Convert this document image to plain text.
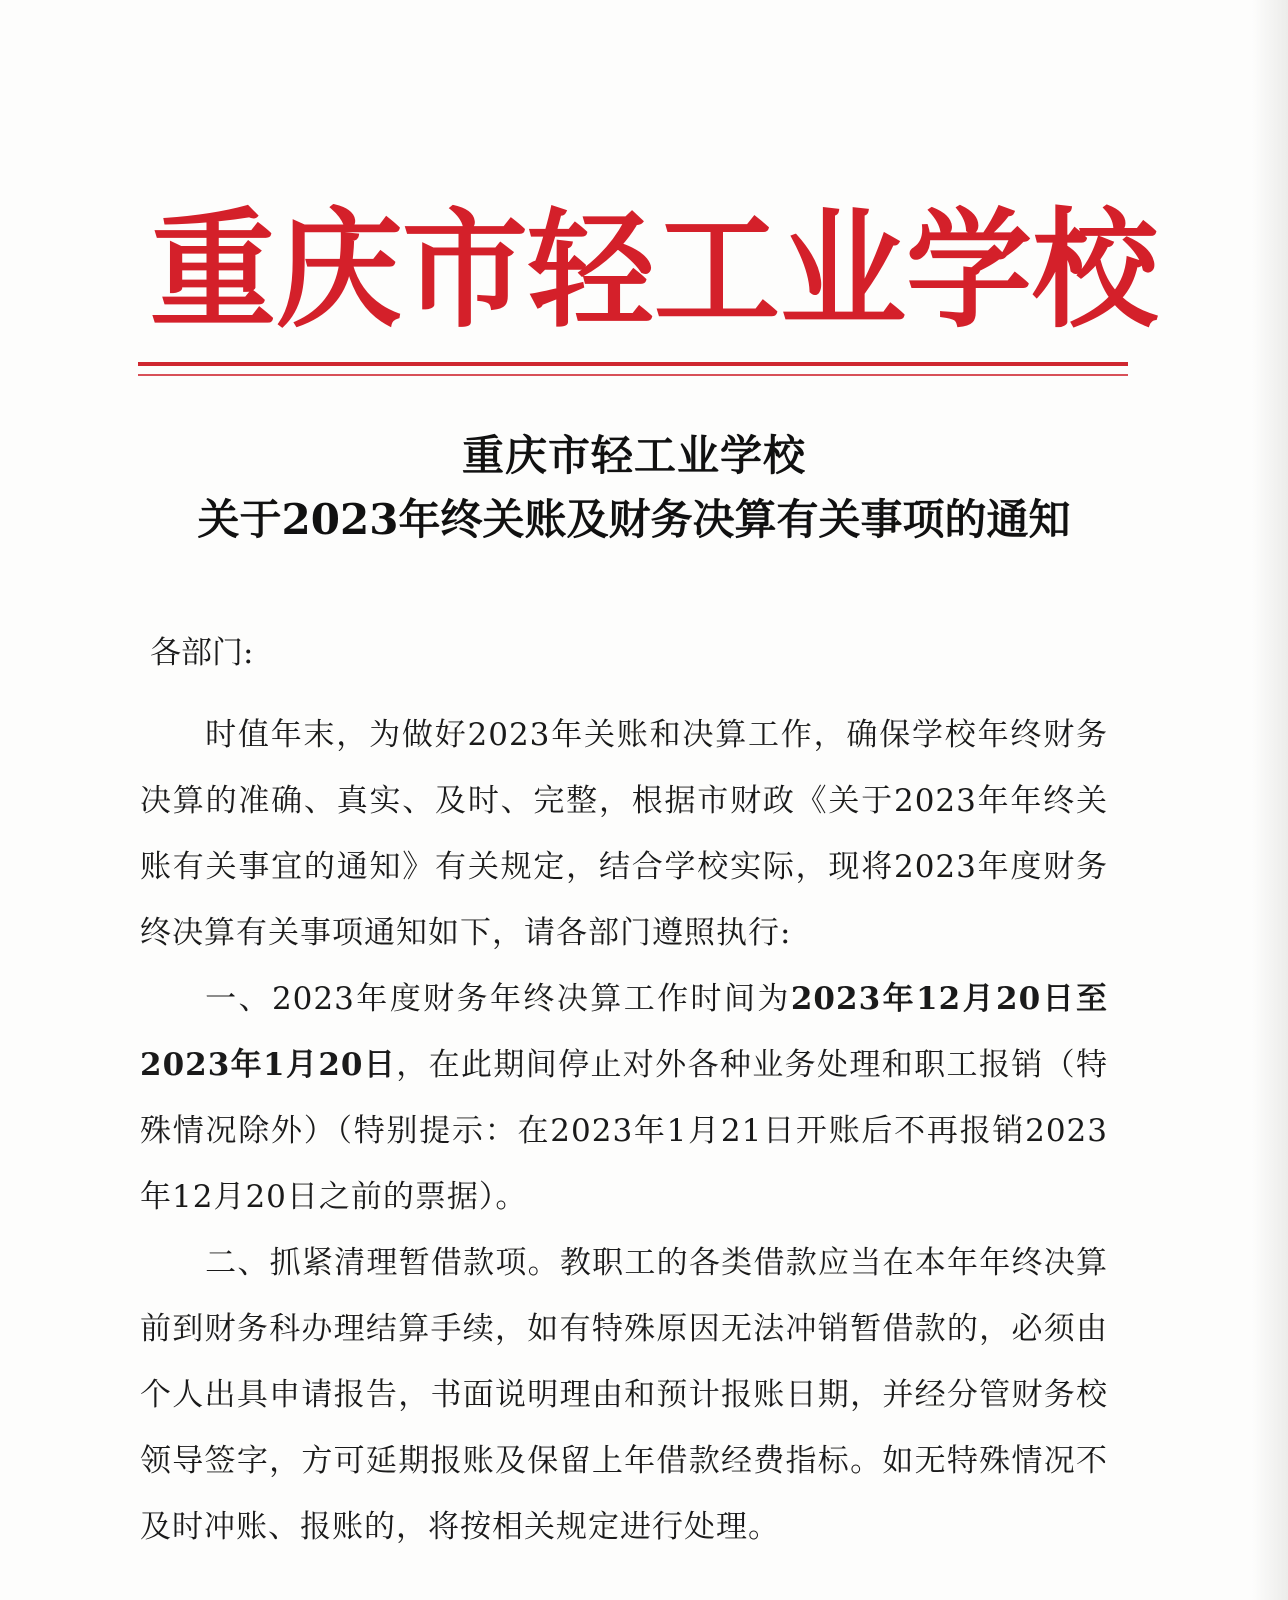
重 庆 市 轻 工 业 学 校
重庆市轻工业学校
关于2023年终关账及财务决算有关事项的通知
各部门:

时值年末，为做好2023年关账和决算工作，确保学校年终财务决算的准确、真实、及时、完整，根据市财政《关于2023年年终关账有关事宜的通知》有关规定，结合学校实际，现将2023年度财务终决算有关事项通知如下，请各部门遵照执行:

一、2023年度财务年终决算工作时间为2023年12月20日至2023年1月20日，在此期间停止对外各种业务处理和职工报销（特殊情况除外）（特别提示：在2023年1月21日开账后不再报销2023年12月20日之前的票据）。

二、抓紧清理暂借款项。教职工的各类借款应当在本年年终决算前到财务科办理结算手续，如有特殊原因无法冲销暂借款的，必须由个人出具申请报告，书面说明理由和预计报账日期，并经分管财务校领导签字，方可延期报账及保留上年借款经费指标。如无特殊情况不及时冲账、报账的，将按相关规定进行处理。
